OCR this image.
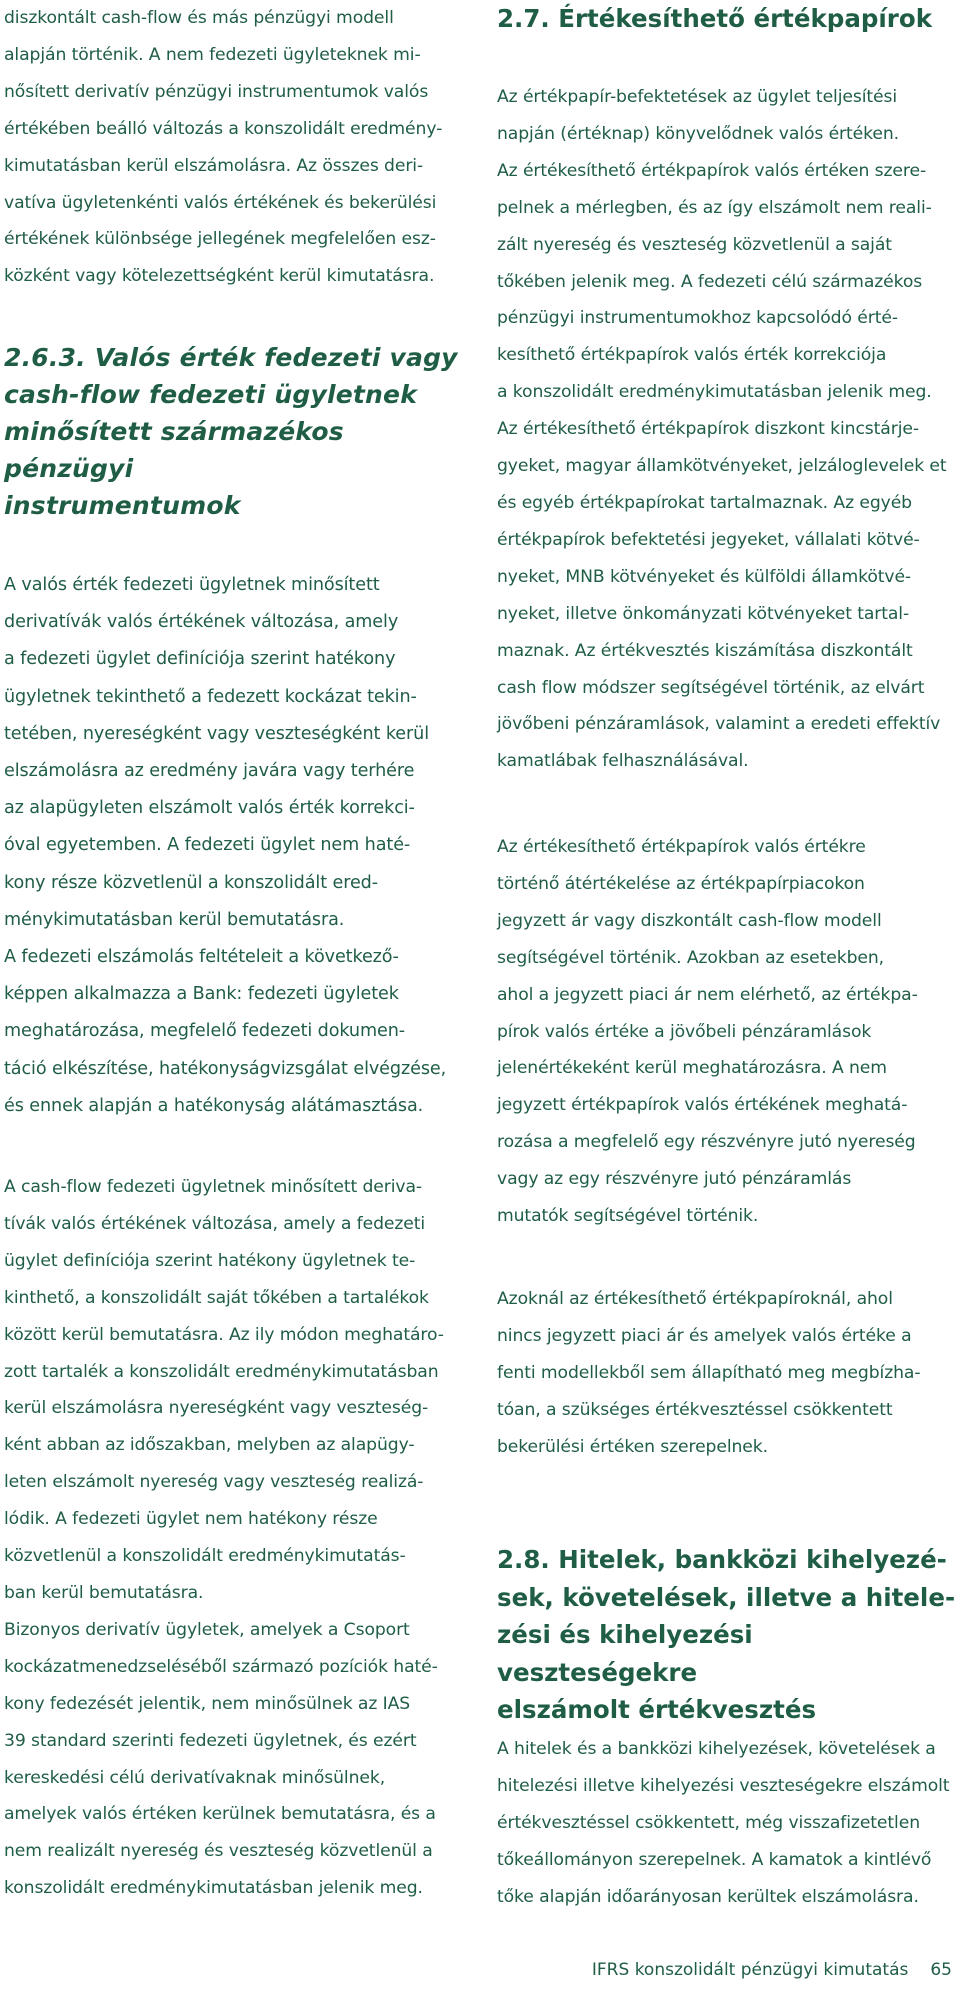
diszkontált cash-flow és más pénzügyi modell
alapján történik. A nem fedezeti ügyleteknek mi-
nősített derivatív pénzügyi instrumentumok valós
értékében beálló változás a konszolidált eredmény-
kimutatásban kerül elszámolásra. Az összes deri-
vatíva ügyletenkénti valós értékének és bekerülési
értékének különbsége jellegének megfelelően esz-
közként vagy kötelezettségként kerül kimutatásra.

2.6.3. Valós érték fedezeti vagy
cash-flow fedezeti ügyletnek
minősített származékos pénzügyi
instrumentumok

A valós érték fedezeti ügyletnek minősített
derivatívák valós értékének változása, amely
a fedezeti ügylet definíciója szerint hatékony
ügyletnek tekinthető a fedezett kockázat tekin-
tetében, nyereségként vagy veszteségként kerül
elszámolásra az eredmény javára vagy terhére
az alapügyleten elszámolt valós érték korrekci-
óval egyetemben. A fedezeti ügylet nem haté-
kony része közvetlenül a konszolidált ered-
ménykimutatásban kerül bemutatásra.
A fedezeti elszámolás feltételeit a következő-
képpen alkalmazza a Bank: fedezeti ügyletek
meghatározása, megfelelő fedezeti dokumen-
táció elkészítése, hatékonyságvizsgálat elvégzése,
és ennek alapján a hatékonyság alátámasztása.

A cash-flow fedezeti ügyletnek minősített deriva-
tívák valós értékének változása, amely a fedezeti
ügylet definíciója szerint hatékony ügyletnek te-
kinthető, a konszolidált saját tőkében a tartalékok
között kerül bemutatásra. Az ily módon meghatáro-
zott tartalék a konszolidált eredménykimutatásban
kerül elszámolásra nyereségként vagy veszteség-
ként abban az időszakban, melyben az alapügy-
leten elszámolt nyereség vagy veszteség realizá-
lódik. A fedezeti ügylet nem hatékony része
közvetlenül a konszolidált eredménykimutatás-
ban kerül bemutatásra.
Bizonyos derivatív ügyletek, amelyek a Csoport
kockázatmenedzseléséből származó pozíciók haté-
kony fedezését jelentik, nem minősülnek az IAS
39 standard szerinti fedezeti ügyletnek, és ezért
kereskedési célú derivatívaknak minősülnek,
amelyek valós értéken kerülnek bemutatásra, és a
nem realizált nyereség és veszteség közvetlenül a
konszolidált eredménykimutatásban jelenik meg.

2.7. Értékesíthető értékpapírok

Az értékpapír-befektetések az ügylet teljesítési
napján (értéknap) könyvelődnek valós értéken.
Az értékesíthető értékpapírok valós értéken szere-
pelnek a mérlegben, és az így elszámolt nem reali-
zált nyereség és veszteség közvetlenül a saját
tőkében jelenik meg. A fedezeti célú származékos
pénzügyi instrumentumokhoz kapcsolódó érté-
kesíthető értékpapírok valós érték korrekciója
a konszolidált eredménykimutatásban jelenik meg.
Az értékesíthető értékpapírok diszkont kincstárje-
gyeket, magyar államkötvényeket, jelzáloglevelek et
és egyéb értékpapírokat tartalmaznak. Az egyéb
értékpapírok befektetési jegyeket, vállalati kötvé-
nyeket, MNB kötvényeket és külföldi államkötvé-
nyeket, illetve önkományzati kötvényeket tartal-
maznak. Az értékvesztés kiszámítása diszkontált
cash flow módszer segítségével történik, az elvárt
jövőbeni pénzáramlások, valamint a eredeti effektív
kamatlábak felhasználásával.

Az értékesíthető értékpapírok valós értékre
történő átértékelése az értékpapírpiacokon
jegyzett ár vagy diszkontált cash-flow modell
segítségével történik. Azokban az esetekben,
ahol a jegyzett piaci ár nem elérhető, az értékpa-
pírok valós értéke a jövőbeli pénzáramlások
jelenértékeként kerül meghatározásra. A nem
jegyzett értékpapírok valós értékének meghatá-
rozása a megfelelő egy részvényre jutó nyereség
vagy az egy részvényre jutó pénzáramlás
mutatók segítségével történik.

Azoknál az értékesíthető értékpapíroknál, ahol
nincs jegyzett piaci ár és amelyek valós értéke a
fenti modellekből sem állapítható meg megbízha-
tóan, a szükséges értékvesztéssel csökkentett
bekerülési értéken szerepelnek.

2.8. Hitelek, bankközi kihelyezé-
sek, követelések, illetve a hitele-
zési és kihelyezési veszteségekre
elszámolt értékvesztés

A hitelek és a bankközi kihelyezések, követelések a
hitelezési illetve kihelyezési veszteségekre elszámolt
értékvesztéssel csökkentett, még visszafizetetlen
tőkeállományon szerepelnek. A kamatok a kintlévő
tőke alapján időarányosan kerültek elszámolásra.

IFRS konszolidált pénzügyi kimutatás 65
